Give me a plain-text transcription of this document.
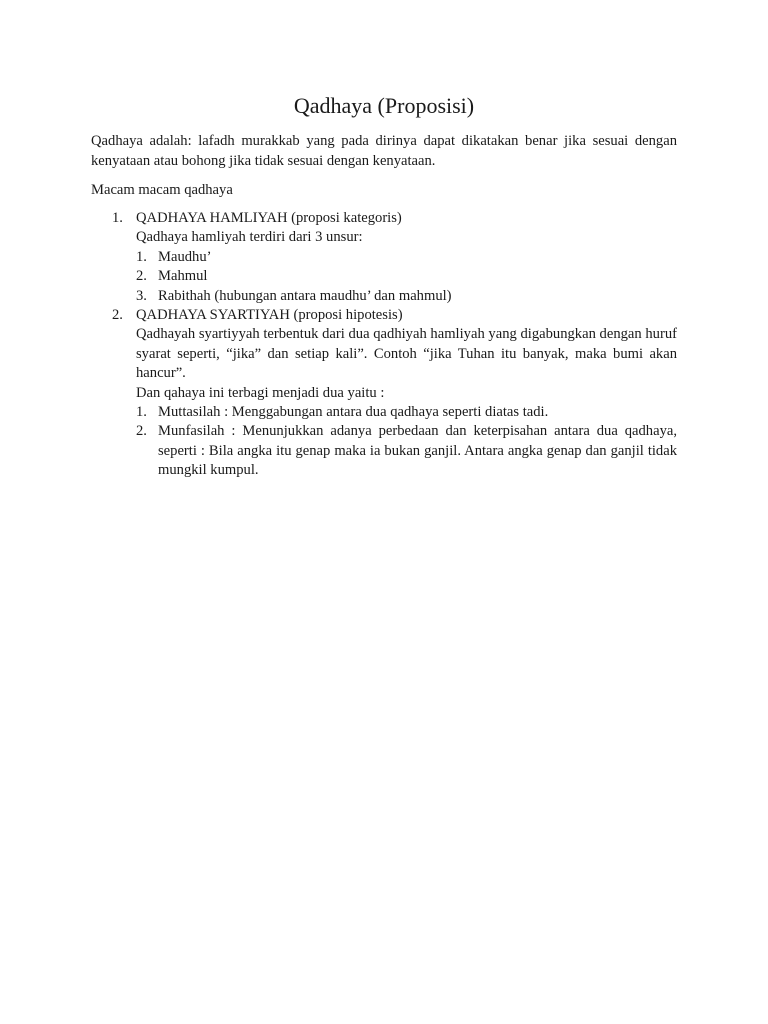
Qadhaya (Proposisi)
Qadhaya adalah: lafadh murakkab yang pada dirinya dapat dikatakan benar jika sesuai dengan kenyataan atau bohong jika tidak sesuai dengan kenyataan.
Macam macam qadhaya
1. QADHAYA HAMLIYAH (proposi kategoris)
Qadhaya hamliyah terdiri dari 3 unsur:
1. Maudhu’
2. Mahmul
3. Rabithah (hubungan antara maudhu’ dan mahmul)
2. QADHAYA SYARTIYAH (proposi hipotesis)
Qadhayah syartiyyah terbentuk dari dua qadhiyah hamliyah yang digabungkan dengan huruf syarat seperti, “jika” dan setiap kali”. Contoh “jika Tuhan itu banyak, maka bumi akan hancur”.
Dan qahaya ini terbagi menjadi dua yaitu :
1. Muttasilah : Menggabungan antara dua qadhaya seperti diatas tadi.
2. Munfasilah : Menunjukkan adanya perbedaan dan keterpisahan antara dua qadhaya, seperti : Bila angka itu genap maka ia bukan ganjil. Antara angka genap dan ganjil tidak mungkil kumpul.
